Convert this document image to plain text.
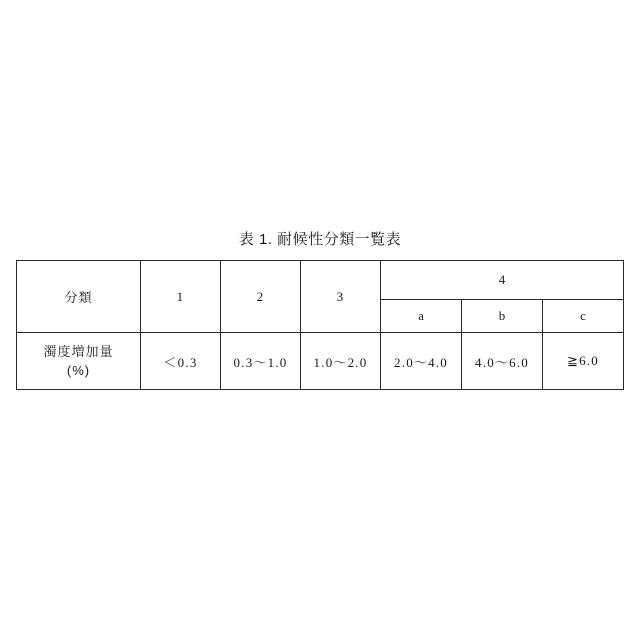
表 1. 耐候性分類一覧表
分類	1	2	3	4		
				a	b	c

濁度増加量
(%)	＜0.3	0.3〜1.0	1.0〜2.0	2.0〜4.0	4.0〜6.0	≧6.0
